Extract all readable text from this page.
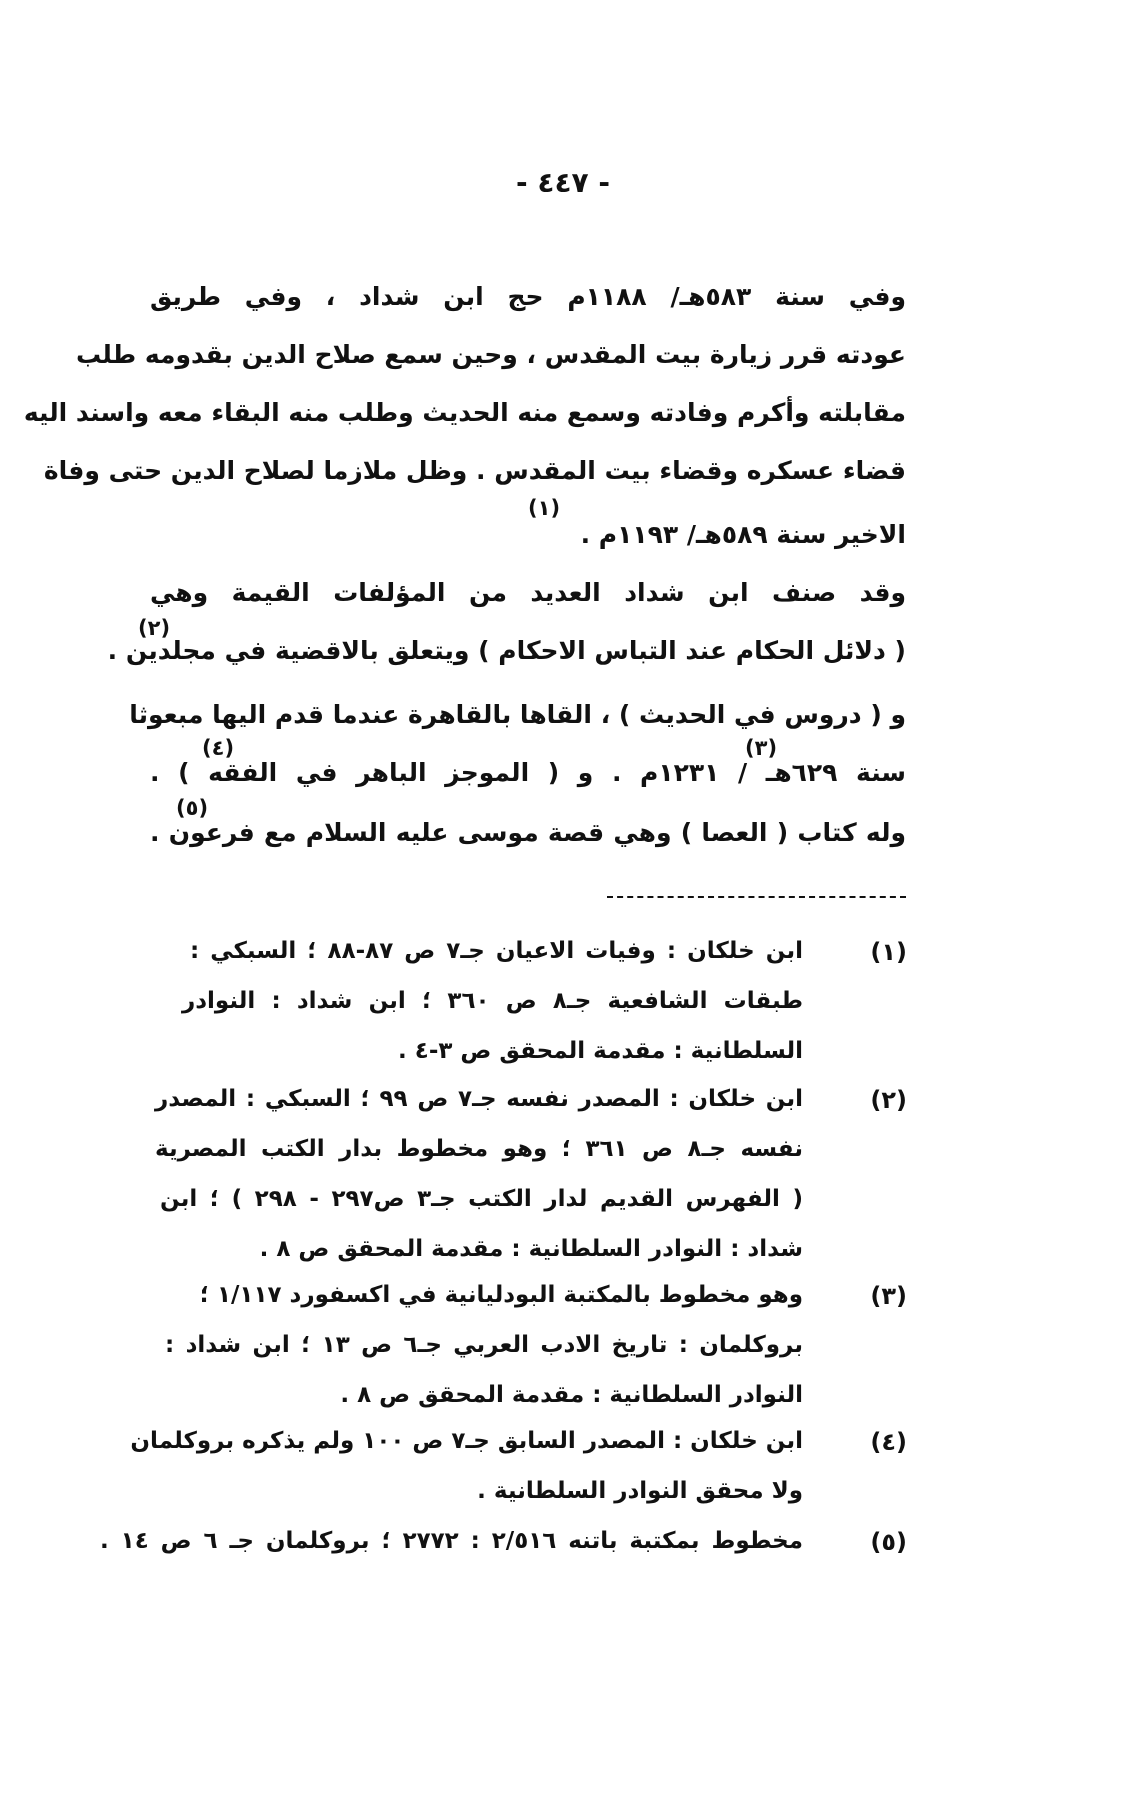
- ٤٤٧ -
وفي سنة ٥٨٣هـ/ ١١٨٨م حج ابن شداد ، وفي طريق
عودته قرر زيارة بيت المقدس ، وحين سمع صلاح الدين بقدومه طلب
مقابلته وأكرم وفادته وسمع منه الحديث وطلب منه البقاء معه واسند اليه
قضاء عسكره وقضاء بيت المقدس . وظل ملازما لصلاح الدين حتى وفاة
الاخير سنة ٥٨٩هـ/ ١١٩٣م .
(١)
وقد صنف ابن شداد العديد من المؤلفات القيمة وهي
( دلائل الحكام عند التباس الاحكام ) ويتعلق بالاقضية في مجلدين .
(٢)
و ( دروس في الحديث ) ، القاها بالقاهرة عندما قدم اليها مبعوثا
سنة ٦٢٩هـ / ١٢٣١م . و ( الموجز الباهر في الفقه ) .
(٣)
(٤)
وله كتاب ( العصا ) وهي قصة موسى عليه السلام مع فرعون .
(٥)
(١)
ابن خلكان : وفيات الاعيان جـ٧ ص ٨٧-٨٨ ؛ السبكي :
طبقات الشافعية جـ٨ ص ٣٦٠ ؛ ابن شداد : النوادر
السلطانية : مقدمة المحقق ص ٣-٤ .
(٢)
ابن خلكان : المصدر نفسه جـ٧ ص ٩٩ ؛ السبكي : المصدر
نفسه جـ٨ ص ٣٦١ ؛ وهو مخطوط بدار الكتب المصرية
( الفهرس القديم لدار الكتب جـ٣ ص٢٩٧ - ٢٩٨ ) ؛ ابن
شداد : النوادر السلطانية : مقدمة المحقق ص ٨ .
(٣)
وهو مخطوط بالمكتبة البودليانية في اكسفورد ١/١١٧ ؛
بروكلمان : تاريخ الادب العربي جـ٦ ص ١٣ ؛ ابن شداد :
النوادر السلطانية : مقدمة المحقق ص ٨ .
(٤)
ابن خلكان : المصدر السابق جـ٧ ص ١٠٠ ولم يذكره بروكلمان
ولا محقق النوادر السلطانية .
(٥)
مخطوط بمكتبة باتنه ٢/٥١٦ : ٢٧٧٢ ؛ بروكلمان جـ ٦ ص ١٤ .
